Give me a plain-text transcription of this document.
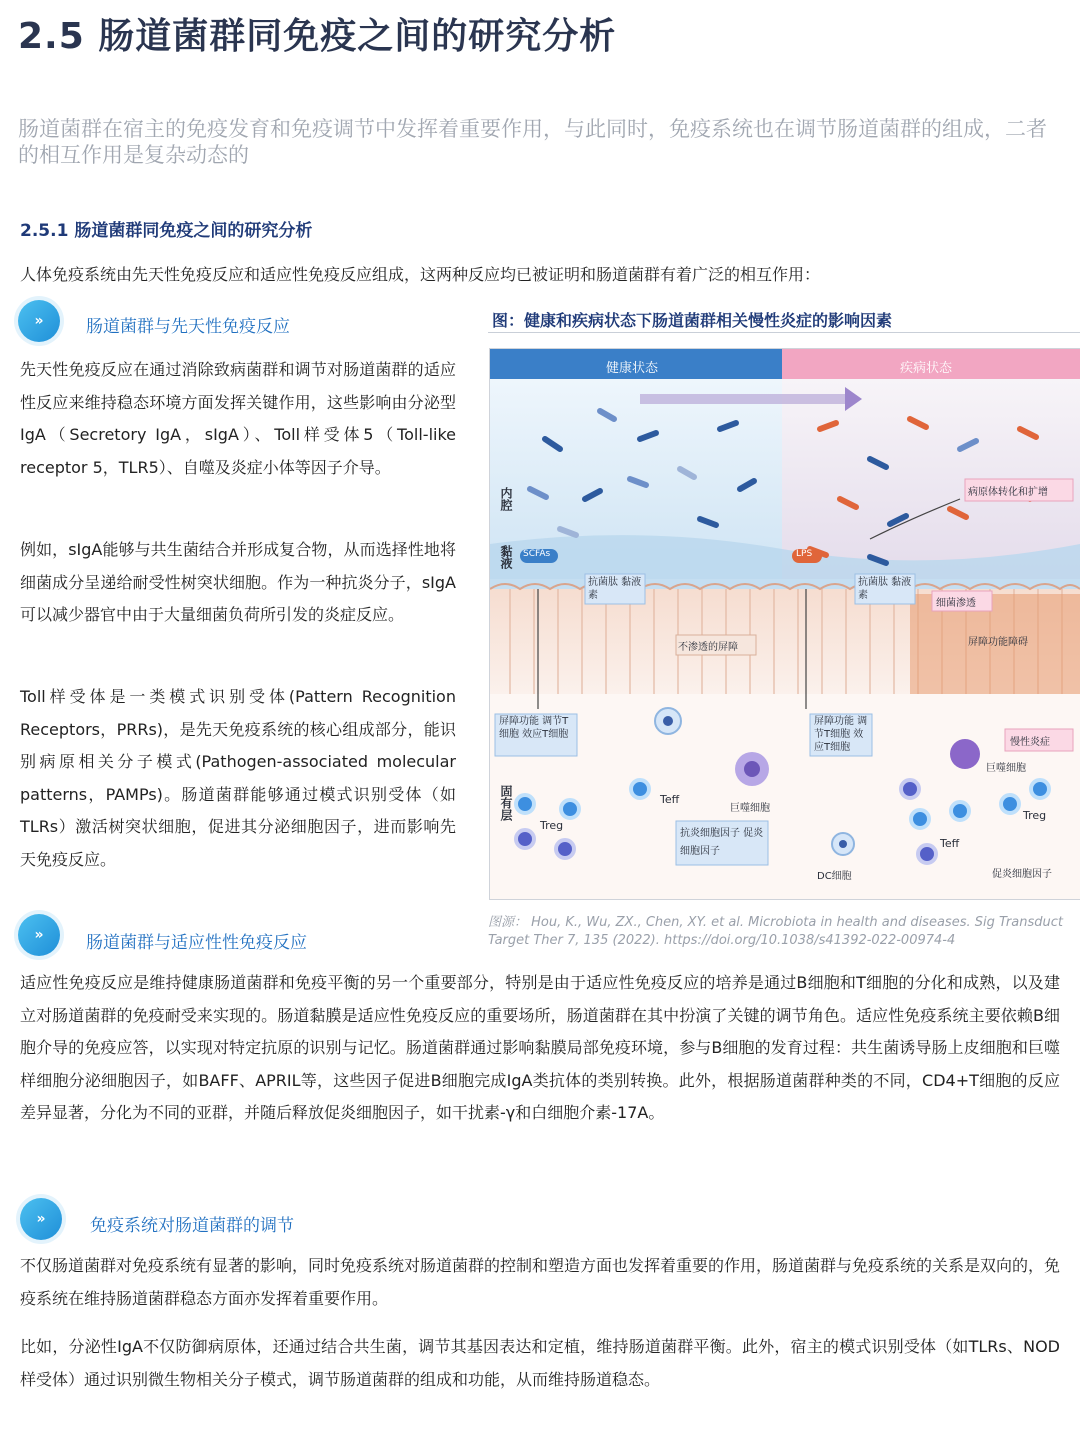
2.5 肠道菌群同免疫之间的研究分析
肠道菌群在宿主的免疫发育和免疫调节中发挥着重要作用，与此同时，免疫系统也在调节肠道菌群的组成，二者的相互作用是复杂动态的
2.5.1 肠道菌群同免疫之间的研究分析
人体免疫系统由先天性免疫反应和适应性免疫反应组成，这两种反应均已被证明和肠道菌群有着广泛的相互作用：
»	肠道菌群与先天性免疫反应
先天性免疫反应在通过消除致病菌群和调节对肠道菌群的适应性反应来维持稳态环境方面发挥关键作用，这些影响由分泌型IgA（Secretory IgA，sIgA）、Toll样受体5（Toll-like receptor 5，TLR5）、自噬及炎症小体等因子介导。
例如，sIgA能够与共生菌结合并形成复合物，从而选择性地将细菌成分呈递给耐受性树突状细胞。作为一种抗炎分子，sIgA可以减少器官中由于大量细菌负荷所引发的炎症反应。
Toll样受体是一类模式识别受体(Pattern Recognition Receptors，PRRs)，是先天免疫系统的核心组成部分，能识别病原相关分子模式(Pathogen-associated molecular patterns，PAMPs)。肠道菌群能够通过模式识别受体（如TLRs）激活树突状细胞，促进其分泌细胞因子，进而影响先天免疫反应。
图：健康和疾病状态下肠道菌群相关慢性炎症的影响因素
健康状态	疾病状态
内腔
黏液
固有层
SCFAs	LPS
抗菌肽 黏液素
抗菌肽 黏液素
病原体转化和扩增
细菌渗透
不渗透的屏障	屏障功能障碍
屏障功能 调节T细胞 效应T细胞
屏障功能 调节T细胞 效应T细胞	慢性炎症
巨噬细胞
巨噬细胞
Teff
Treg
抗炎细胞因子 促炎细胞因子
Treg
Teff
DC细胞	促炎细胞因子
图源： Hou, K., Wu, ZX., Chen, XY. et al. Microbiota in health and diseases. Sig Transduct Target Ther 7, 135 (2022). https://doi.org/10.1038/s41392-022-00974-4
»	肠道菌群与适应性性免疫反应
适应性免疫反应是维持健康肠道菌群和免疫平衡的另一个重要部分，特别是由于适应性免疫反应的培养是通过B细胞和T细胞的分化和成熟，以及建立对肠道菌群的免疫耐受来实现的。肠道黏膜是适应性免疫反应的重要场所，肠道菌群在其中扮演了关键的调节角色。适应性免疫系统主要依赖B细胞介导的免疫应答，以实现对特定抗原的识别与记忆。肠道菌群通过影响黏膜局部免疫环境，参与B细胞的发育过程：共生菌诱导肠上皮细胞和巨噬样细胞分泌细胞因子，如BAFF、APRIL等，这些因子促进B细胞完成IgA类抗体的类别转换。此外，根据肠道菌群种类的不同，CD4+T细胞的反应差异显著，分化为不同的亚群，并随后释放促炎细胞因子，如干扰素-γ和白细胞介素-17A。
»	免疫系统对肠道菌群的调节
不仅肠道菌群对免疫系统有显著的影响，同时免疫系统对肠道菌群的控制和塑造方面也发挥着重要的作用，肠道菌群与免疫系统的关系是双向的，免疫系统在维持肠道菌群稳态方面亦发挥着重要作用。
比如，分泌性IgA不仅防御病原体，还通过结合共生菌，调节其基因表达和定植，维持肠道菌群平衡。此外，宿主的模式识别受体（如TLRs、NOD样受体）通过识别微生物相关分子模式，调节肠道菌群的组成和功能，从而维持肠道稳态。
